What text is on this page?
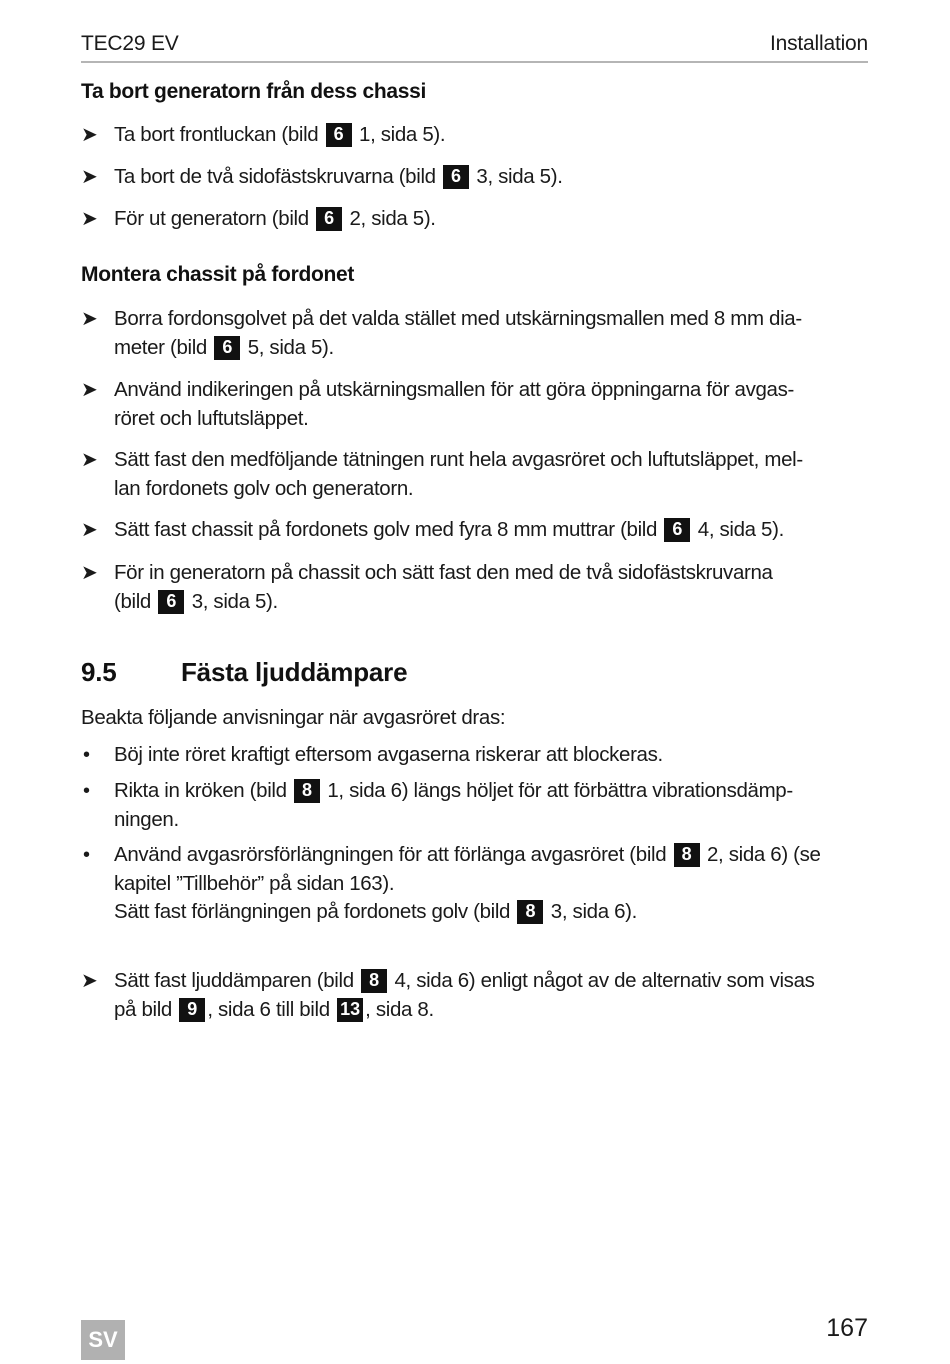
TEC29 EV	Installation
Ta bort generatorn från dess chassi
➤ Ta bort frontluckan (bild 6 1, sida 5).
➤ Ta bort de två sidofästskruvarna (bild 6 3, sida 5).
➤ För ut generatorn (bild 6 2, sida 5).
Montera chassit på fordonet
➤ Borra fordonsgolvet på det valda stället med utskärningsmallen med 8 mm dia-
meter (bild 6 5, sida 5).
➤ Använd indikeringen på utskärningsmallen för att göra öppningarna för avgas-
röret och luftutsläppet.
➤ Sätt fast den medföljande tätningen runt hela avgasröret och luftutsläppet, mel-
lan fordonets golv och generatorn.
➤ Sätt fast chassit på fordonets golv med fyra 8 mm muttrar (bild 6 4, sida 5).
➤ För in generatorn på chassit och sätt fast den med de två sidofästskruvarna
(bild 6 3, sida 5).
9.5 Fästa ljuddämpare
Beakta följande anvisningar när avgasröret dras:
•	Böj inte röret kraftigt eftersom avgaserna riskerar att blockeras.
•	Rikta in kröken (bild 8 1, sida 6) längs höljet för att förbättra vibrationsdämp-
ningen.
•	Använd avgasrörsförlängningen för att förlänga avgasröret (bild 8 2, sida 6) (se
kapitel ”Tillbehör” på sidan 163).
Sätt fast förlängningen på fordonets golv (bild 8 3, sida 6).
➤ Sätt fast ljuddämparen (bild 8 4, sida 6) enligt något av de alternativ som visas
på bild 9 , sida 6 till bild 13 , sida 8.
SV	167
